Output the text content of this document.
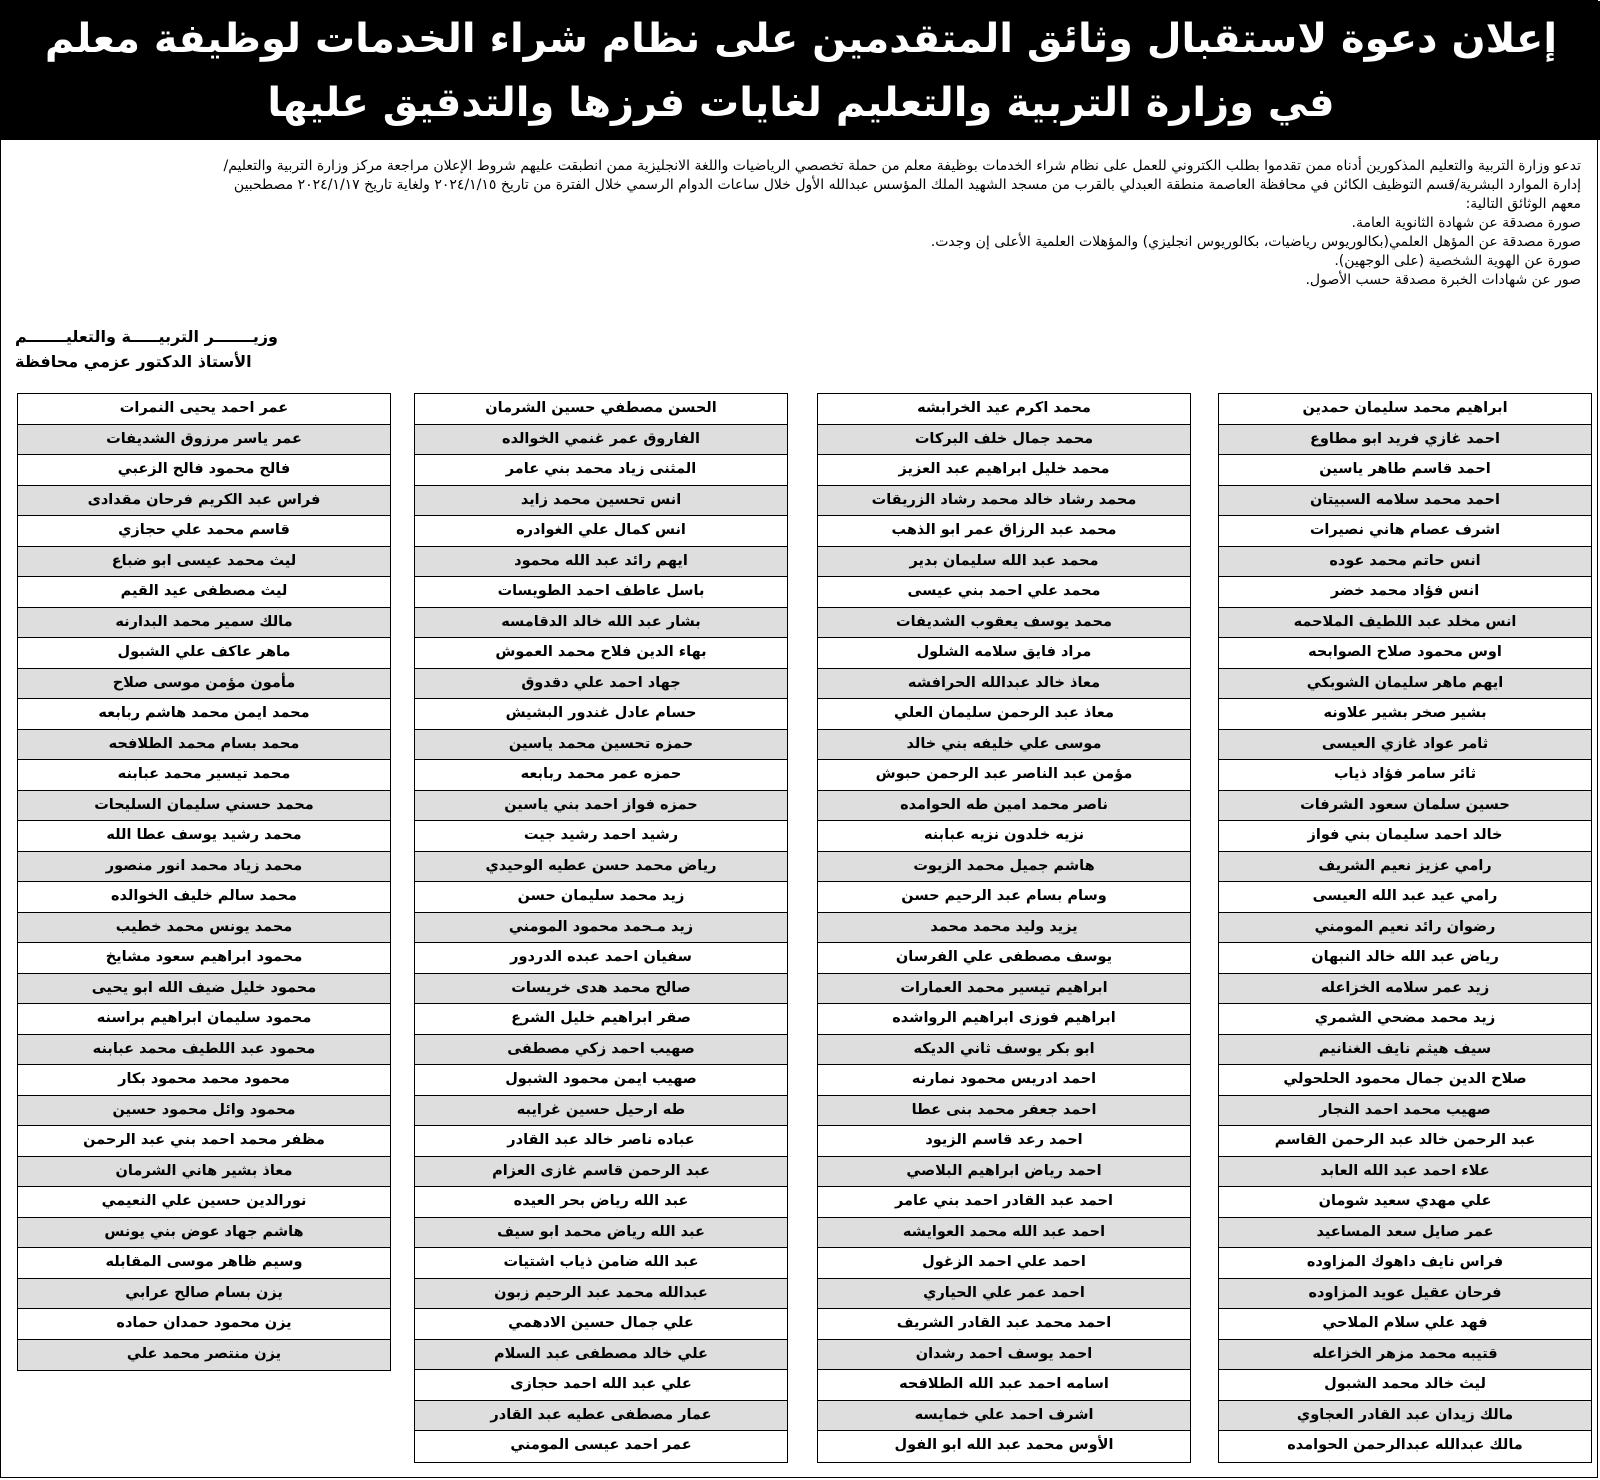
إعلان دعوة لاستقبال وثائق المتقدمين على نظام شراء الخدمات لوظيفة معلم
في وزارة التربية والتعليم لغايات فرزها والتدقيق عليها

تدعو وزارة التربية والتعليم المذكورين أدناه ممن تقدموا بطلب الكتروني للعمل على نظام شراء الخدمات بوظيفة معلم من حملة تخصصي الرياضيات واللغة الانجليزية ممن انطبقت عليهم شروط الإعلان مراجعة مركز وزارة التربية والتعليم/

إدارة الموارد البشرية/قسم التوظيف الكائن في محافظة العاصمة منطقة العبدلي بالقرب من مسجد الشهيد الملك المؤسس عبدالله الأول خلال ساعات الدوام الرسمي خلال الفترة من تاريخ ٢٠٢٤/١/١٥ ولغاية تاريخ ٢٠٢٤/١/١٧ مصطحبين

معهم الوثائق التالية:

صورة مصدقة عن شهادة الثانوية العامة.

صورة مصدقة عن المؤهل العلمي(بكالوريوس رياضيات، بكالوريوس انجليزي) والمؤهلات العلمية الأعلى إن وجدت.

صورة عن الهوية الشخصية (على الوجهين).

صور عن شهادات الخبرة مصدقة حسب الأصول.

وزيـــــــر التربيـــــة والتعليـــــــم
الأستاذ الدكتور عزمي محافظة
ابراهيم محمد سليمان حمدين
احمد غازي فريد ابو مطاوع
احمد قاسم طاهر ياسين
احمد محمد سلامه السبيتان
اشرف عصام هاني نصيرات
انس حاتم محمد عوده
انس فؤاد محمد خضر
انس مخلد عبد اللطيف الملاحمه
اوس محمود صلاح الصوابحه
ايهم ماهر سليمان الشوبكي
بشير صخر بشير علاونه
ثامر عواد غازي العيسى
ثائر سامر فؤاد ذياب
حسين سلمان سعود الشرفات
خالد احمد سليمان بني فواز
رامي عزيز نعيم الشريف
رامي عيد عبد الله العيسى
رضوان رائد نعيم المومني
رياض عبد الله خالد النبهان
زيد عمر سلامه الخزاعله
زيد محمد مضحي الشمري
سيف هيثم نايف الغنانيم
صلاح الدين جمال محمود الحلحولي
صهيب محمد احمد النجار
عبد الرحمن خالد عبد الرحمن القاسم
علاء احمد عبد الله العابد
علي مهدي سعيد شومان
عمر صايل سعد المساعيد
فراس نايف داهوك المزاوده
فرحان عقيل عويد المزاوده
فهد علي سلام الملاحي
قتيبه محمد مزهر الخزاعله
ليث خالد محمد الشبول
مالك زيدان عبد القادر العجاوي
مالك عبدالله عبدالرحمن الحوامده
محمد اكرم عيد الخرابشه
محمد جمال خلف البركات
محمد خليل ابراهيم عبد العزيز
محمد رشاد خالد محمد رشاد الزريقات
محمد عبد الرزاق عمر ابو الذهب
محمد عبد الله سليمان بدير
محمد علي احمد بني عيسى
محمد يوسف يعقوب الشديفات
مراد فايق سلامه الشلول
معاذ خالد عبدالله الحرافشه
معاذ عبد الرحمن سليمان العلي
موسى علي خليفه بني خالد
مؤمن عبد الناصر عبد الرحمن حبوش
ناصر محمد امين طه الحوامده
نزيه خلدون نزيه عبابنه
هاشم جميل محمد الزيوت
وسام بسام عبد الرحيم حسن
يزيد وليد محمد محمد
يوسف مصطفى علي الفرسان
ابراهيم تيسير محمد العمارات
ابراهيم فوزى ابراهيم الرواشده
ابو بكر يوسف ثاني الديكه
احمد ادريس محمود نمارنه
احمد جعفر محمد بنى عطا
احمد رعد قاسم الزيود
احمد رياض ابراهيم البلاصي
احمد عبد القادر احمد بني عامر
احمد عبد الله محمد العوايشه
احمد علي احمد الزغول
احمد عمر علي الحياري
احمد محمد عبد القادر الشريف
احمد يوسف احمد رشدان
اسامه احمد عبد الله الطلافحه
اشرف احمد علي خمايسه
الأوس محمد عبد الله ابو الفول
الحسن مصطفي حسين الشرمان
الفاروق عمر غنمي الخوالده
المثنى زياد محمد بني عامر
انس تحسين محمد زايد
انس كمال علي الغوادره
ايهم رائد عبد الله محمود
باسل عاطف احمد الطويسات
بشار عبد الله خالد الدقامسه
بهاء الدين فلاح محمد العموش
جهاد احمد علي دقدوق
حسام عادل غندور البشيش
حمزه تحسين محمد ياسين
حمزه عمر محمد ربابعه
حمزه فواز احمد بني ياسين
رشيد احمد رشيد جيت
رياض محمد حسن عطيه الوحيدي
زيد محمد سليمان حسن
زيد مـحمد محمود المومني
سفيان احمد عبده الدردور
صالح محمد هدى خريسات
صقر ابراهيم خليل الشرع
صهيب احمد زكي مصطفى
صهيب ايمن محمود الشبول
طه ارحيل حسين غرايبه
عباده ناصر خالد عبد القادر
عبد الرحمن قاسم غازى العزام
عبد الله رياض بحر العيده
عبد الله رياض محمد ابو سيف
عبد الله ضامن ذياب اشتيات
عبدالله محمد عبد الرحيم زبون
علي جمال حسين الادهمي
علي خالد مصطفى عبد السلام
علي عبد الله احمد حجازى
عمار مصطفى عطيه عبد القادر
عمر احمد عيسى المومني
عمر احمد يحيى النمرات
عمر ياسر مرزوق الشديفات
فالح محمود فالح الزعبي
فراس عبد الكريم فرحان مقدادى
قاسم محمد علي حجازي
ليث محمد عيسى ابو ضباع
ليث مصطفى عيد القيم
مالك سمير محمد البدارنه
ماهر عاكف علي الشبول
مأمون مؤمن موسى صلاح
محمد ايمن محمد هاشم ربابعه
محمد بسام محمد الطلافحه
محمد تيسير محمد عبابنه
محمد حسني سليمان السليحات
محمد رشيد يوسف عطا الله
محمد زياد محمد انور منصور
محمد سالم خليف الخوالده
محمد يونس محمد خطيب
محمود ابراهيم سعود مشايخ
محمود خليل ضيف الله ابو يحيى
محمود سليمان ابراهيم براسنه
محمود عبد اللطيف محمد عبابنه
محمود محمد محمود بكار
محمود وائل محمود حسين
مظفر محمد احمد بني عبد الرحمن
معاذ بشير هاني الشرمان
نورالدين حسين علي النعيمي
هاشم جهاد عوض بني يونس
وسيم ظاهر موسى المقابله
يزن بسام صالح عرابي
يزن محمود حمدان حماده
يزن منتصر محمد علي
